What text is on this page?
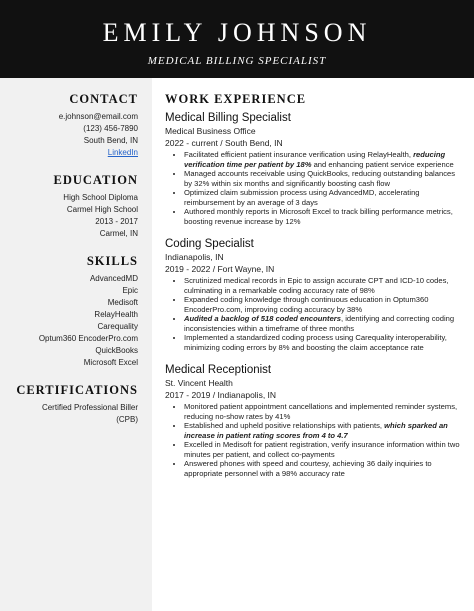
EMILY JOHNSON
MEDICAL BILLING SPECIALIST
CONTACT
e.johnson@email.com
(123) 456-7890
South Bend, IN
LinkedIn
EDUCATION
High School Diploma
Carmel High School
2013 - 2017
Carmel, IN
SKILLS
AdvancedMD
Epic
Medisoft
RelayHealth
Carequality
Optum360 EncoderPro.com
QuickBooks
Microsoft Excel
CERTIFICATIONS
Certified Professional Biller
(CPB)
WORK EXPERIENCE
Medical Billing Specialist
Medical Business Office
2022 - current / South Bend, IN
• Facilitated efficient patient insurance verification using RelayHealth, reducing verification time per patient by 18% and enhancing patient service experience
• Managed accounts receivable using QuickBooks, reducing outstanding balances by 32% within six months and significantly boosting cash flow
• Optimized claim submission process using AdvancedMD, accelerating reimbursement by an average of 3 days
• Authored monthly reports in Microsoft Excel to track billing performance metrics, boosting revenue increase by 12%
Coding Specialist
Indianapolis, IN
2019 - 2022 / Fort Wayne, IN
• Scrutinized medical records in Epic to assign accurate CPT and ICD-10 codes, culminating in a remarkable coding accuracy rate of 98%
• Expanded coding knowledge through continuous education in Optum360 EncoderPro.com, improving coding accuracy by 38%
• Audited a backlog of 518 coded encounters, identifying and correcting coding inconsistencies within a timeframe of three months
• Implemented a standardized coding process using Carequality interoperability, minimizing coding errors by 8% and boosting the claim acceptance rate
Medical Receptionist
St. Vincent Health
2017 - 2019 / Indianapolis, IN
• Monitored patient appointment cancellations and implemented reminder systems, reducing no-show rates by 41%
• Established and upheld positive relationships with patients, which sparked an increase in patient rating scores from 4 to 4.7
• Excelled in Medisoft for patient registration, verify insurance information within two minutes per patient, and collect co-payments
• Answered phones with speed and courtesy, achieving 36 daily inquiries to appropriate personnel with a 98% accuracy rate
